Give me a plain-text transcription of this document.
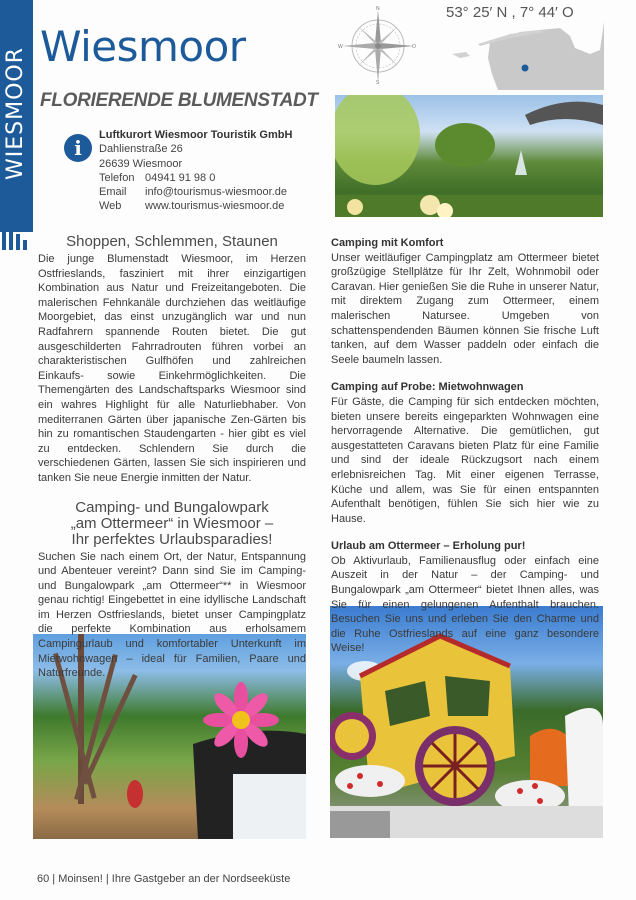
WIESMOOR
Wiesmoor
FLORIERENDE BLUMENSTADT
N
S
W	O
53° 25′ N , 7° 44′ O
i
Luftkurort Wiesmoor Touristik GmbH
Dahlienstraße 26
26639 Wiesmoor
Telefon 04941 91 98 0
Email	info@tourismus-wiesmoor.de
Web	www.tourismus-wiesmoor.de
Shoppen, Schlemmen, Staunen

Die junge Blumenstadt Wiesmoor, im Herzen Ostfrieslands, fasziniert mit ihrer einzigartigen Kombination aus Natur und Freizeitangeboten. Die malerischen Fehnkanäle durchziehen das weitläufige Moorgebiet, das einst unzugänglich war und nun Radfahrern spannende Routen bietet. Die gut ausgeschilderten Fahrradrouten führen vorbei an charakteristischen Gulfhöfen und zahlreichen Einkaufs- sowie Einkehrmöglichkeiten. Die Themengärten des Landschaftsparks Wiesmoor sind ein wahres Highlight für alle Naturliebhaber. Von mediterranen Gärten über japanische Zen-Gärten bis hin zu romantischen Staudengarten - hier gibt es viel zu entdecken. Schlendern Sie durch die verschiedenen Gärten, lassen Sie sich inspirieren und tanken Sie neue Energie inmitten der Natur.

Camping- und Bungalowpark
„am Ottermeer“ in Wiesmoor –
Ihr perfektes Urlaubsparadies!

Suchen Sie nach einem Ort, der Natur, Entspannung und Abenteuer vereint? Dann sind Sie im Camping- und Bungalowpark „am Ottermeer“** in Wiesmoor genau richtig! Eingebettet in eine idyllische Landschaft im Herzen Ostfrieslands, bietet unser Campingplatz die perfekte Kombination aus erholsamem Campingurlaub und komfortabler Unterkunft im Mietwohnwagen – ideal für Familien, Paare und Naturfreunde.

Camping mit Komfort

Unser weitläufiger Campingplatz am Ottermeer bietet großzügige Stellplätze für Ihr Zelt, Wohnmobil oder Caravan. Hier genießen Sie die Ruhe in unserer Natur, mit direktem Zugang zum Ottermeer, einem malerischen Natursee. Umgeben von schattenspendenden Bäumen können Sie frische Luft tanken, auf dem Wasser paddeln oder einfach die Seele baumeln lassen.

Camping auf Probe: Mietwohnwagen

Für Gäste, die Camping für sich entdecken möchten, bieten unsere bereits eingeparkten Wohnwagen eine hervorragende Alternative. Die gemütlichen, gut ausgestatteten Caravans bieten Platz für eine Familie und sind der ideale Rückzugsort nach einem erlebnisreichen Tag. Mit einer eigenen Terrasse, Küche und allem, was Sie für einen entspannten Aufenthalt benötigen, fühlen Sie sich hier wie zu Hause.

Urlaub am Ottermeer – Erholung pur!

Ob Aktivurlaub, Familienausflug oder einfach eine Auszeit in der Natur – der Camping- und Bungalowpark „am Ottermeer“ bietet Ihnen alles, was Sie für einen gelungenen Aufenthalt brauchen. Besuchen Sie uns und erleben Sie den Charme und die Ruhe Ostfrieslands auf eine ganz besondere Weise!

60 | Moinsen! | Ihre Gastgeber an der Nordseeküste
